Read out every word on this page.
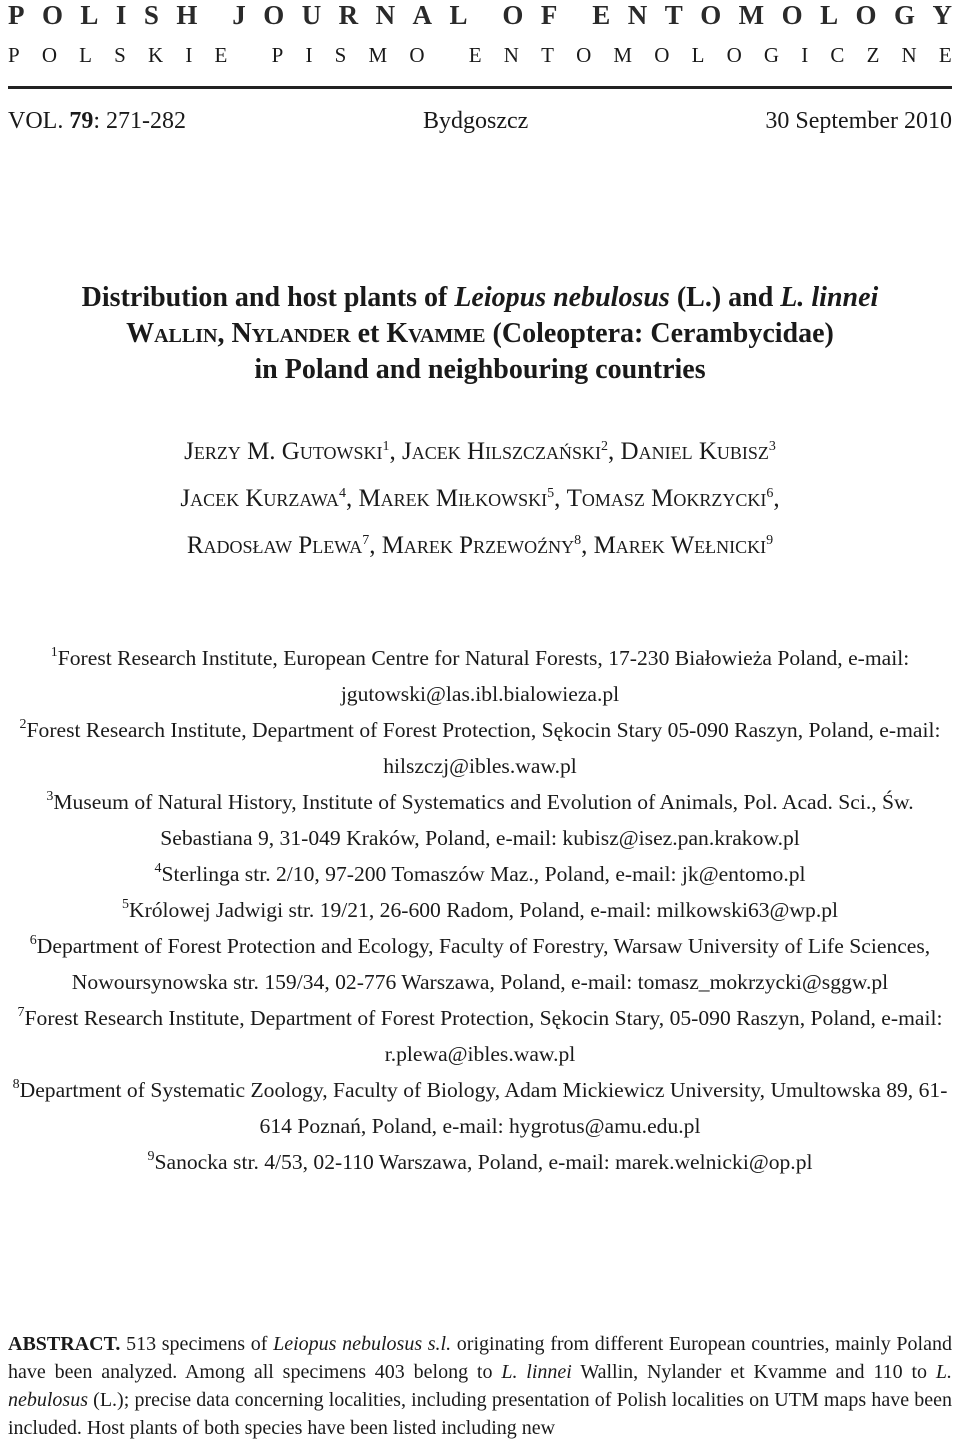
P O L I S H J O U R N A L O F E N T O M O L O G Y
P O L S K I E P I S M O E N T O M O L O G I C Z N E
VOL. 79: 271-282	Bydgoszcz	30 September 2010
Distribution and host plants of Leiopus nebulosus (L.) and L. linnei
Wallin, Nylander et Kvamme (Coleoptera: Cerambycidae)
in Poland and neighbouring countries
Jerzy M. Gutowski$^1$, Jacek Hilszczański$^2$, Daniel Kubisz$^3$
Jacek Kurzawa$^4$, Marek Miłkowski$^5$, Tomasz Mokrzycki$^6$,
Radosław Plewa$^7$, Marek Przewoźny$^8$, Marek Wełnicki$^9$
$^1$Forest Research Institute, European Centre for Natural Forests, 17-230 Białowieża Poland, e-mail: jgutowski@las.ibl.bialowieza.pl
$^2$Forest Research Institute, Department of Forest Protection, Sękocin Stary 05-090 Raszyn, Poland, e-mail: hilszczj@ibles.waw.pl
$^3$Museum of Natural History, Institute of Systematics and Evolution of Animals, Pol. Acad. Sci., Św. Sebastiana 9, 31-049 Kraków, Poland, e-mail: kubisz@isez.pan.krakow.pl
$^4$Sterlinga str. 2/10, 97-200 Tomaszów Maz., Poland, e-mail: jk@entomo.pl
$^5$Królowej Jadwigi str. 19/21, 26-600 Radom, Poland, e-mail: milkowski63@wp.pl
$^6$Department of Forest Protection and Ecology, Faculty of Forestry, Warsaw University of Life Sciences, Nowoursynowska str. 159/34, 02-776 Warszawa, Poland, e-mail: tomasz_mokrzycki@sggw.pl
$^7$Forest Research Institute, Department of Forest Protection, Sękocin Stary, 05-090 Raszyn, Poland, e-mail: r.plewa@ibles.waw.pl
$^8$Department of Systematic Zoology, Faculty of Biology, Adam Mickiewicz University, Umultowska 89, 61-614 Poznań, Poland, e-mail: hygrotus@amu.edu.pl
$^9$Sanocka str. 4/53, 02-110 Warszawa, Poland, e-mail: marek.welnicki@op.pl
ABSTRACT. 513 specimens of Leiopus nebulosus s.l. originating from different European countries, mainly Poland have been analyzed. Among all specimens 403 belong to L. linnei Wallin, Nylander et Kvamme and 110 to L. nebulosus (L.); precise data concerning localities, including presentation of Polish localities on UTM maps have been included. Host plants of both species have been listed including new
